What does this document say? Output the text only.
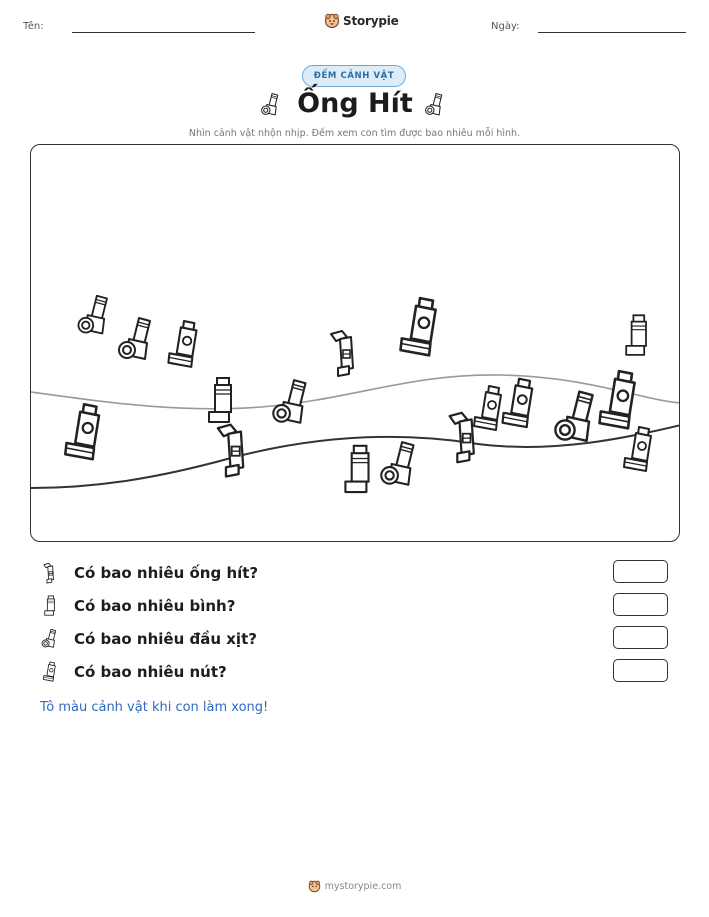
Tên:	Storypie	Ngày:
ĐẾM CẢNH VẬT
Ống Hít
Nhìn cảnh vật nhộn nhịp. Đếm xem con tìm được bao nhiêu mỗi hình.
Có bao nhiêu ống hít?
Có bao nhiêu bình?
Có bao nhiêu đầu xịt?
Có bao nhiêu nút?
Tô màu cảnh vật khi con làm xong!
mystorypie.com
